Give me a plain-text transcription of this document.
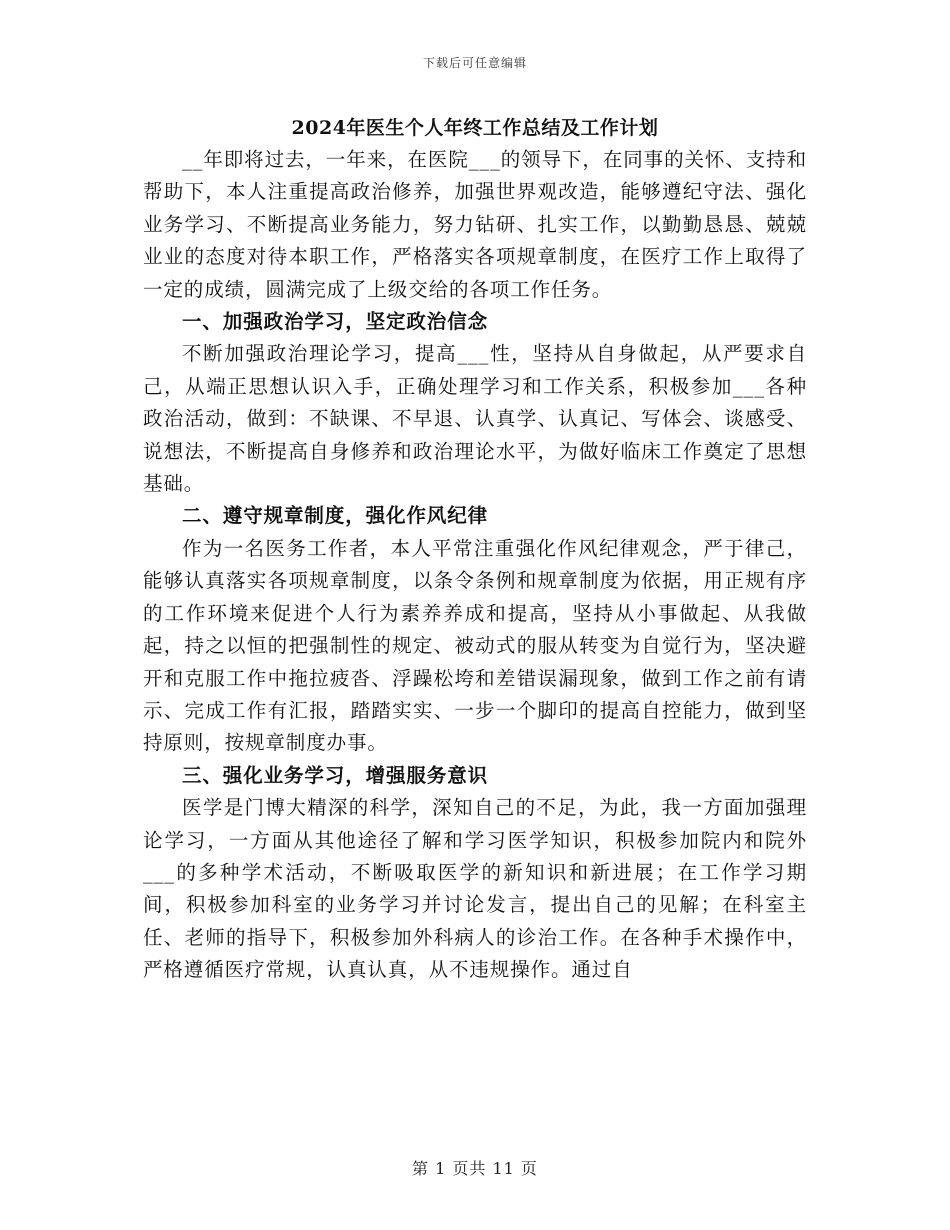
下载后可任意编辑
2024年医生个人年终工作总结及工作计划

__年即将过去，一年来，在医院___的领导下，在同事的关怀、支持和帮助下，本人注重提高政治修养，加强世界观改造，能够遵纪守法、强化业务学习、不断提高业务能力，努力钻研、扎实工作，以勤勤恳恳、兢兢业业的态度对待本职工作，严格落实各项规章制度，在医疗工作上取得了一定的成绩，圆满完成了上级交给的各项工作任务。

一、加强政治学习，坚定政治信念

不断加强政治理论学习，提高___性，坚持从自身做起，从严要求自己，从端正思想认识入手，正确处理学习和工作关系，积极参加___各种政治活动，做到：不缺课、不早退、认真学、认真记、写体会、谈感受、说想法，不断提高自身修养和政治理论水平，为做好临床工作奠定了思想基础。

二、遵守规章制度，强化作风纪律

作为一名医务工作者，本人平常注重强化作风纪律观念，严于律己，能够认真落实各项规章制度，以条令条例和规章制度为依据，用正规有序的工作环境来促进个人行为素养养成和提高，坚持从小事做起、从我做起，持之以恒的把强制性的规定、被动式的服从转变为自觉行为，坚决避开和克服工作中拖拉疲沓、浮躁松垮和差错误漏现象，做到工作之前有请示、完成工作有汇报，踏踏实实、一步一个脚印的提高自控能力，做到坚持原则，按规章制度办事。

三、强化业务学习，增强服务意识

医学是门博大精深的科学，深知自己的不足，为此，我一方面加强理论学习，一方面从其他途径了解和学习医学知识，积极参加院内和院外___的多种学术活动，不断吸取医学的新知识和新进展；在工作学习期间，积极参加科室的业务学习并讨论发言，提出自己的见解；在科室主任、老师的指导下，积极参加外科病人的诊治工作。在各种手术操作中，严格遵循医疗常规，认真认真，从不违规操作。通过自

第 1 页共 11 页
